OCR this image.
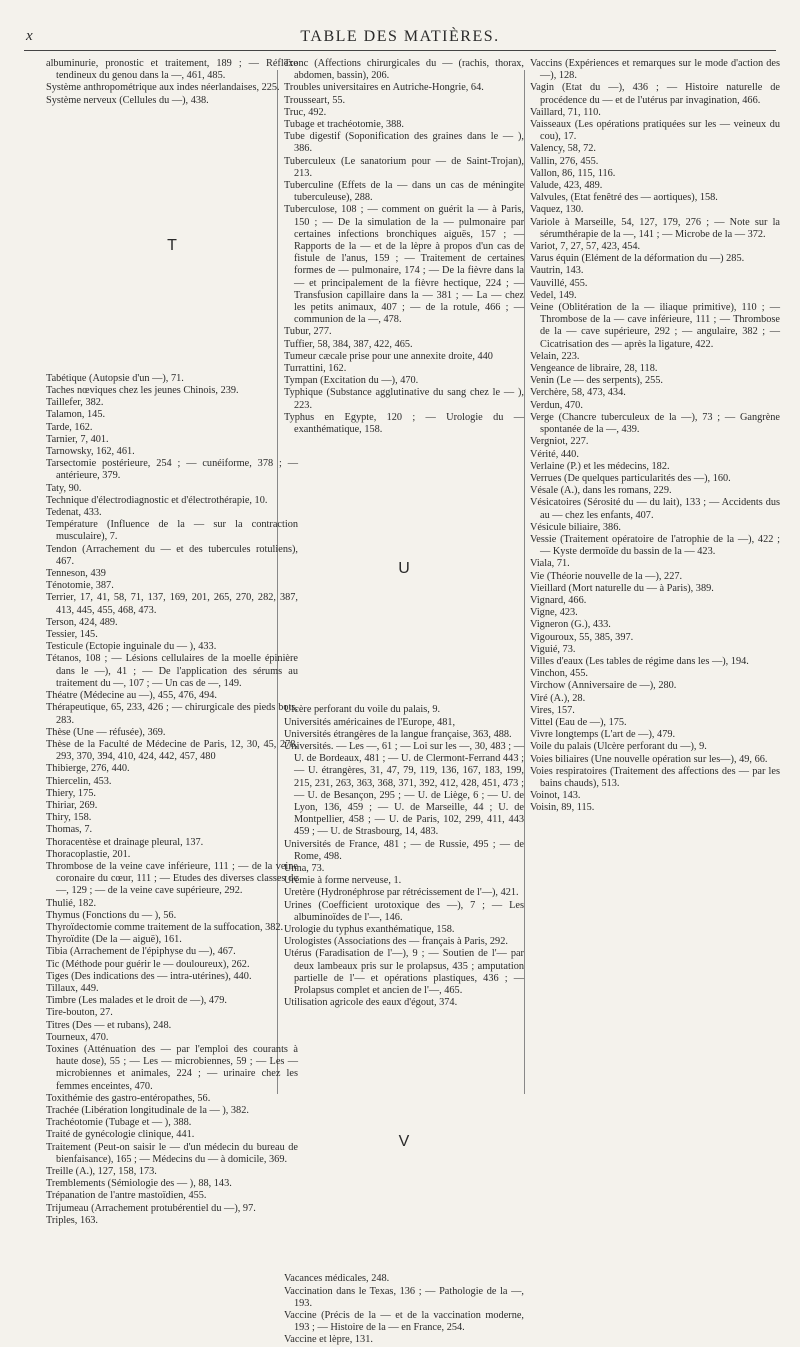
x	TABLE DES MATIÈRES.

albuminurie, pronostic et traitement, 189 ; — Réflexe tendineux du genou dans la —, 461, 485.

Système anthropométrique aux indes néerlandaises, 225.

Système nerveux (Cellules du —), 438.

T

Tabétique (Autopsie d'un —), 71.

Taches nœviques chez les jeunes Chinois, 239.

Taillefer, 382.

Talamon, 145.

Tarde, 162.

Tarnier, 7, 401.

Tarnowsky, 162, 461.

Tarsectomie postérieure, 254 ; — cunéiforme, 378 ; — antérieure, 379.

Taty, 90.

Technique d'électrodiagnostic et d'électrothérapie, 10.

Tedenat, 433.

Température (Influence de la — sur la contraction musculaire), 7.

Tendon (Arrachement du — et des tubercules rotuliens), 467.

Tenneson, 439

Ténotomie, 387.

Terrier, 17, 41, 58, 71, 137, 169, 201, 265, 270, 282, 387, 413, 445, 455, 468, 473.

Terson, 424, 489.

Tessier, 145.

Testicule (Ectopie inguinale du — ), 433.

Tétanos, 108 ; — Lésions cellulaires de la moelle épinière dans le —), 41 ; — De l'application des sérums au traitement du —, 107 ; — Un cas de —, 149.

Théatre (Médecine au —), 455, 476, 494.

Thérapeutique, 65, 233, 426 ; — chirurgicale des pieds bots, 283.

Thèse (Une — réfusée), 369.

Thèse de la Faculté de Médecine de Paris, 12, 30, 45, 278, 293, 370, 394, 410, 424, 442, 457, 480

Thibierge, 276, 440.

Thiercelin, 453.

Thiery, 175.

Thiriar, 269.

Thiry, 158.

Thomas, 7.

Thoracentèse et drainage pleural, 137.

Thoracoplastie, 201.

Thrombose de la veine cave inférieure, 111 ; — de la veine coronaire du cœur, 111 ; — Etudes des diverses classes de —, 129 ; — de la veine cave supérieure, 292.

Thulié, 182.

Thymus (Fonctions du — ), 56.

Thyroïdectomie comme traitement de la suffocation, 382.

Thyroïdite (De la — aiguë), 161.

Tibia (Arrachement de l'épiphyse du —), 467.

Tic (Méthode pour guérir le — douloureux), 262.

Tiges (Des indications des — intra-utérines), 440.

Tillaux, 449.

Timbre (Les malades et le droit de —), 479.

Tire-bouton, 27.

Titres (Des — et rubans), 248.

Tourneux, 470.

Toxines (Atténuation des — par l'emploi des courants à haute dose), 55 ; — Les — microbiennes, 59 ; — Les — microbiennes et animales, 224 ; — urinaire chez les femmes enceintes, 470.

Toxithémie des gastro-entéropathes, 56.

Trachée (Libération longitudinale de la — ), 382.

Trachéotomie (Tubage et — ), 388.

Traité de gynécologie clinique, 441.

Traitement (Peut-on saisir le — d'un médecin du bureau de bienfaisance), 165 ; — Médecins du — à domicile, 369.

Treille (A.), 127, 158, 173.

Tremblements (Sémiologie des — ), 88, 143.

Trépanation de l'antre mastoïdien, 455.

Trijumeau (Arrachement protubérentiel du —), 97.

Triples, 163.

Tronc (Affections chirurgicales du — (rachis, thorax, abdomen, bassin), 206.

Troubles universitaires en Autriche-Hongrie, 64.

Trousseart, 55.

Truc, 492.

Tubage et trachéotomie, 388.

Tube digestif (Soponification des graines dans le — ), 386.

Tuberculeux (Le sanatorium pour — de Saint-Trojan), 213.

Tuberculine (Effets de la — dans un cas de méningite tuberculeuse), 288.

Tuberculose, 108 ; — comment on guérit la — à Paris, 150 ; — De la simulation de la — pulmonaire par certaines infections bronchiques aiguës, 157 ; — Rapports de la — et de la lèpre à propos d'un cas de fistule de l'anus, 159 ; — Traitement de certaines formes de — pulmonaire, 174 ; — De la fièvre dans la — et principalement de la fièvre hectique, 224 ; — Transfusion capillaire dans la — 381 ; — La — chez les petits animaux, 407 ; — de la rotule, 466 ; — communion de la —, 478.

Tubur, 277.

Tuffier, 58, 384, 387, 422, 465.

Tumeur cæcale prise pour une annexite droite, 440

Turrattini, 162.

Tympan (Excitation du —), 470.

Typhique (Substance agglutinative du sang chez le — ), 223.

Typhus en Egypte, 120 ; — Urologie du — exanthématique, 158.

U

Ulcère perforant du voile du palais, 9.

Universités américaines de l'Europe, 481,

Universités étrangères de la langue française, 363, 488.

Universités. — Les —, 61 ; — Loi sur les —, 30, 483 ; — U. de Bordeaux, 481 ; — U. de Clermont-Ferrand 443 ; — U. étrangères, 31, 47, 79, 119, 136, 167, 183, 199, 215, 231, 263, 363, 368, 371, 392, 412, 428, 451, 473 ; — U. de Besançon, 295 ; — U. de Liège, 6 ; — U. de Lyon, 136, 459 ; — U. de Marseille, 44 ; U. de Montpellier, 458 ; — U. de Paris, 102, 299, 411, 443 459 ; — U. de Strasbourg, 14, 483.

Universités de France, 481 ; — de Russie, 495 ; — de Rome, 498.

Unna, 73.

Urémie à forme nerveuse, 1.

Uretère (Hydronéphrose par rétrécissement de l'—), 421.

Urines (Coefficient urotoxique des —), 7 ; — Les albuminoïdes de l'—, 146.

Urologie du typhus exanthématique, 158.

Urologistes (Associations des — français à Paris, 292.

Utérus (Faradisation de l'—), 9 ; — Soutien de l'— par deux lambeaux pris sur le prolapsus, 435 ; amputation partielle de l'— et opérations plastiques, 436 ; — Prolapsus complet et ancien de l'—, 465.

Utilisation agricole des eaux d'égout, 374.

V

Vacances médicales, 248.

Vaccination dans le Texas, 136 ; — Pathologie de la —, 193.

Vaccine (Précis de la — et de la vaccination moderne, 193 ; — Histoire de la — en France, 254.

Vaccine et lèpre, 131.

Vaccins (Expériences et remarques sur le mode d'action des —), 128.

Vagin (Etat du —), 436 ; — Histoire naturelle de procédence du — et de l'utérus par invagination, 466.

Vaillard, 71, 110.

Vaisseaux (Les opérations pratiquées sur les — veineux du cou), 17.

Valency, 58, 72.

Vallin, 276, 455.

Vallon, 86, 115, 116.

Valude, 423, 489.

Valvules, (Etat fenêtré des — aortiques), 158.

Vaquez, 130.

Variole à Marseille, 54, 127, 179, 276 ; — Note sur la sérumthérapie de la —, 141 ; — Microbe de la — 372.

Variot, 7, 27, 57, 423, 454.

Varus équin (Elément de la déformation du —) 285.

Vautrin, 143.

Vauvillé, 455.

Vedel, 149.

Veine (Oblitération de la — iliaque primitive), 110 ; — Thrombose de la — cave inférieure, 111 ; — Thrombose de la — cave supérieure, 292 ; — angulaire, 382 ; — Cicatrisation des — après la ligature, 422.

Velain, 223.

Vengeance de libraire, 28, 118.

Venin (Le — des serpents), 255.

Verchère, 58, 473, 434.

Verdun, 470.

Verge (Chancre tuberculeux de la —), 73 ; — Gangrène spontanée de la —, 439.

Vergniot, 227.

Vérité, 440.

Verlaine (P.) et les médecins, 182.

Verrues (De quelques particularités des —), 160.

Vésale (A.), dans les romans, 229.

Vésicatoires (Sérosité du — du lait), 133 ; — Accidents dus au — chez les enfants, 407.

Vésicule biliaire, 386.

Vessie (Traitement opératoire de l'atrophie de la —), 422 ; — Kyste dermoïde du bassin de la — 423.

Viala, 71.

Vie (Théorie nouvelle de la —), 227.

Vieillard (Mort naturelle du — à Paris), 389.

Vignard, 466.

Vigne, 423.

Vigneron (G.), 433.

Vigouroux, 55, 385, 397.

Viguié, 73.

Villes d'eaux (Les tables de régime dans les —), 194.

Vinchon, 455.

Virchow (Anniversaire de —), 280.

Viré (A.), 28.

Vires, 157.

Vittel (Eau de —), 175.

Vivre longtemps (L'art de —), 479.

Voile du palais (Ulcère perforant du —), 9.

Voies biliaires (Une nouvelle opération sur les—), 49, 66.

Voies respiratoires (Traitement des affections des — par les bains chauds), 513.

Voinot, 143.

Voisin, 89, 115.
